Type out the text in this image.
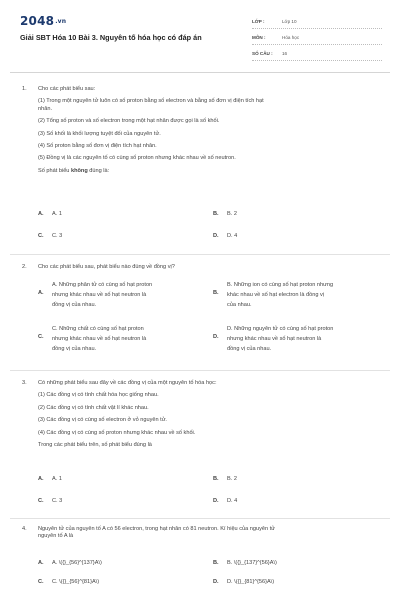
2048.vn
Giải SBT Hóa 10 Bài 3. Nguyên tố hóa học có đáp án
LỚP :	Lớp 10
MÔN :	Hóa học
SỐ CÂU :	16
1. Cho các phát biểu sau:
(1) Trong một nguyên tử luôn có số proton bằng số electron và bằng số đơn vị điện tích hạt
nhân.
(2) Tổng số proton và số electron trong một hạt nhân được gọi là số khối.
(3) Số khối là khối lượng tuyệt đối của nguyên tử.
(4) Số proton bằng số đơn vị điện tích hạt nhân.
(5) Đồng vị là các nguyên tố có cùng số proton nhưng khác nhau về số neutron.
Số phát biểu không đúng là:
A. A. 1	B. B. 2
C. C. 3	D. D. 4
2. Cho các phát biểu sau, phát biểu nào đúng về đồng vị?
A.
A. Những phân tử có cùng số hạt proton
nhưng khác nhau về số hạt neutron là
đồng vị của nhau.
B.
B. Những ion có cùng số hạt proton nhưng
khác nhau về số hạt electron là đồng vị
của nhau.
C.
C. Những chất có cùng số hạt proton
nhưng khác nhau về số hạt neutron là
đồng vị của nhau.
D.
D. Những nguyên tử có cùng số hạt proton
nhưng khác nhau về số hạt neutron là
đồng vị của nhau.
3. Có những phát biểu sau đây về các đồng vị của một nguyên tố hóa học:
(1) Các đồng vị có tính chất hóa học giống nhau.
(2) Các đồng vị có tính chất vật lí khác nhau.
(3) Các đồng vị có cùng số electron ở vỏ nguyên tử.
(4) Các đồng vị có cùng số proton nhưng khác nhau về số khối.
Trong các phát biểu trên, số phát biểu đúng là
A. A. 1	B. B. 2
C. C. 3	D. D. 4
4. Nguyên tử của nguyên tố A có 56 electron, trong hạt nhân có 81 neutron. Kí hiệu của nguyên tử
nguyên tố A là
A. A. \({}_{56}^{137}A\)	B. B. \({}_{137}^{56}A\)
C. C. \({}_{56}^{81}A\)	D. D. \({}_{81}^{56}A\)
